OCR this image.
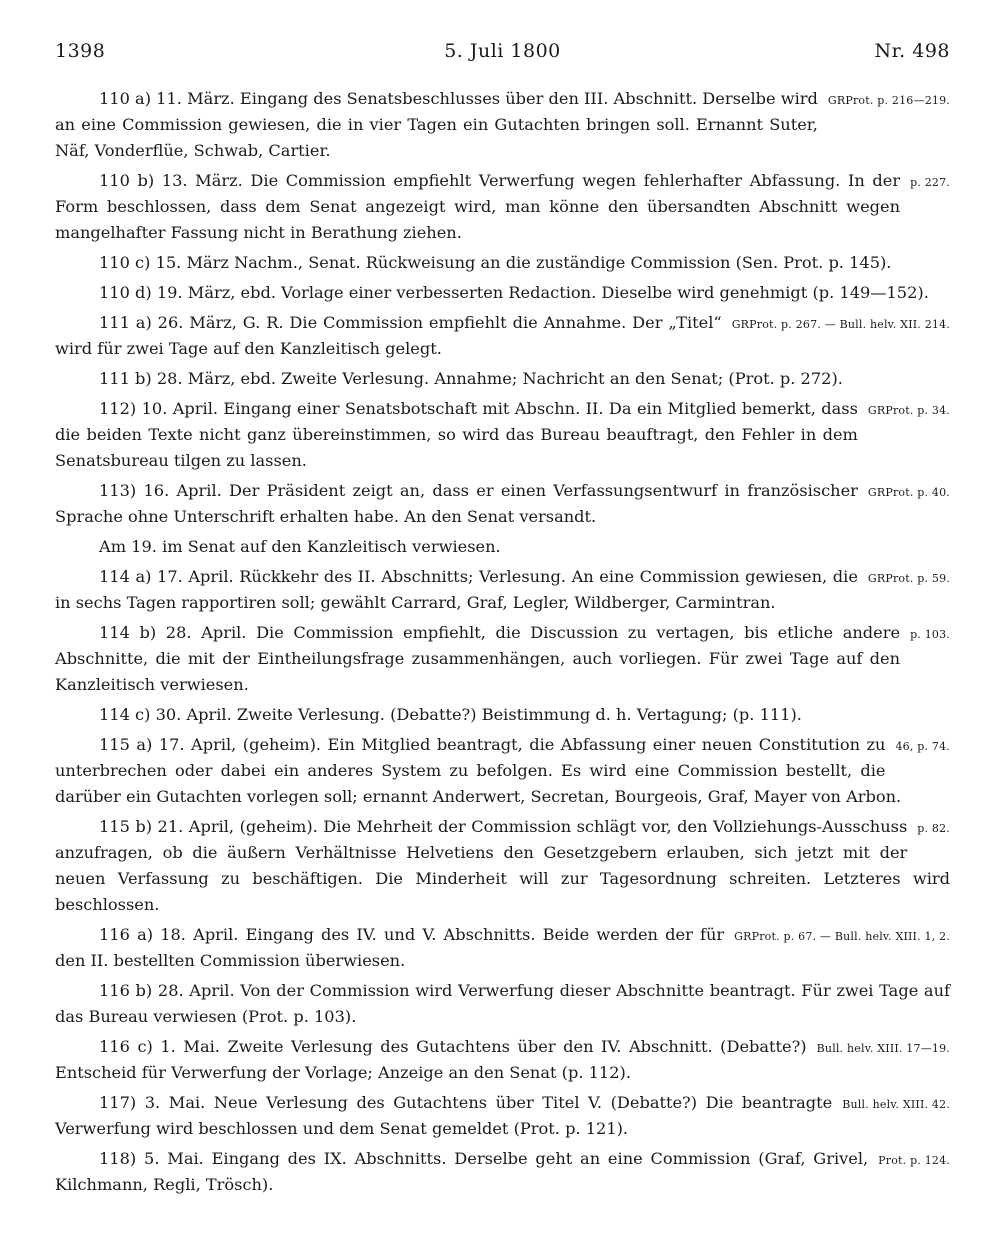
1398	5. Juli 1800	Nr. 498

GRProt. p. 216—219.
110 a) 11. März. Eingang des Senatsbeschlusses über den III. Abschnitt. Derselbe wird an eine Commission gewiesen, die in vier Tagen ein Gutachten bringen soll. Ernannt Suter, Näf, Vonderflüe, Schwab, Cartier.

p. 227.
110 b) 13. März. Die Commission empfiehlt Verwerfung wegen fehlerhafter Abfassung. In der Form beschlossen, dass dem Senat angezeigt wird, man könne den übersandten Abschnitt wegen mangelhafter Fassung nicht in Berathung ziehen.

110 c) 15. März Nachm., Senat. Rückweisung an die zuständige Commission (Sen. Prot. p. 145).

110 d) 19. März, ebd. Vorlage einer verbesserten Redaction. Dieselbe wird genehmigt (p. 149—152).

GRProt. p. 267. — Bull. helv. XII. 214.
111 a) 26. März, G. R. Die Commission empfiehlt die Annahme. Der „Titel“ wird für zwei Tage auf den Kanzleitisch gelegt.

111 b) 28. März, ebd. Zweite Verlesung. Annahme; Nachricht an den Senat; (Prot. p. 272).

GRProt. p. 34.
112) 10. April. Eingang einer Senatsbotschaft mit Abschn. II. Da ein Mitglied bemerkt, dass die beiden Texte nicht ganz übereinstimmen, so wird das Bureau beauftragt, den Fehler in dem Senatsbureau tilgen zu lassen.

GRProt. p. 40.
113) 16. April. Der Präsident zeigt an, dass er einen Verfassungsentwurf in französischer Sprache ohne Unterschrift erhalten habe. An den Senat versandt.

Am 19. im Senat auf den Kanzleitisch verwiesen.

GRProt. p. 59.
114 a) 17. April. Rückkehr des II. Abschnitts; Verlesung. An eine Commission gewiesen, die in sechs Tagen rapportiren soll; gewählt Carrard, Graf, Legler, Wildberger, Carmintran.

p. 103.
114 b) 28. April. Die Commission empfiehlt, die Discussion zu vertagen, bis etliche andere Abschnitte, die mit der Eintheilungsfrage zusammenhängen, auch vorliegen. Für zwei Tage auf den Kanzleitisch verwiesen.

114 c) 30. April. Zweite Verlesung. (Debatte?) Beistimmung d. h. Vertagung; (p. 111).

46, p. 74.
115 a) 17. April, (geheim). Ein Mitglied beantragt, die Abfassung einer neuen Constitution zu unterbrechen oder dabei ein anderes System zu befolgen. Es wird eine Commission bestellt, die darüber ein Gutachten vorlegen soll; ernannt Anderwert, Secretan, Bourgeois, Graf, Mayer von Arbon.

p. 82.
115 b) 21. April, (geheim). Die Mehrheit der Commission schlägt vor, den Vollziehungs-Ausschuss anzufragen, ob die äußern Verhältnisse Helvetiens den Gesetzgebern erlauben, sich jetzt mit der neuen Verfassung zu beschäftigen. Die Minderheit will zur Tagesordnung schreiten. Letzteres wird beschlossen.

GRProt. p. 67. — Bull. helv. XIII. 1, 2.
116 a) 18. April. Eingang des IV. und V. Abschnitts. Beide werden der für den II. bestellten Commission überwiesen.

116 b) 28. April. Von der Commission wird Verwerfung dieser Abschnitte beantragt. Für zwei Tage auf das Bureau verwiesen (Prot. p. 103).

Bull. helv. XIII. 17—19.
116 c) 1. Mai. Zweite Verlesung des Gutachtens über den IV. Abschnitt. (Debatte?) Entscheid für Verwerfung der Vorlage; Anzeige an den Senat (p. 112).

Bull. helv. XIII. 42.
117) 3. Mai. Neue Verlesung des Gutachtens über Titel V. (Debatte?) Die beantragte Verwerfung wird beschlossen und dem Senat gemeldet (Prot. p. 121).

Prot. p. 124.
118) 5. Mai. Eingang des IX. Abschnitts. Derselbe geht an eine Commission (Graf, Grivel, Kilchmann, Regli, Trösch).
